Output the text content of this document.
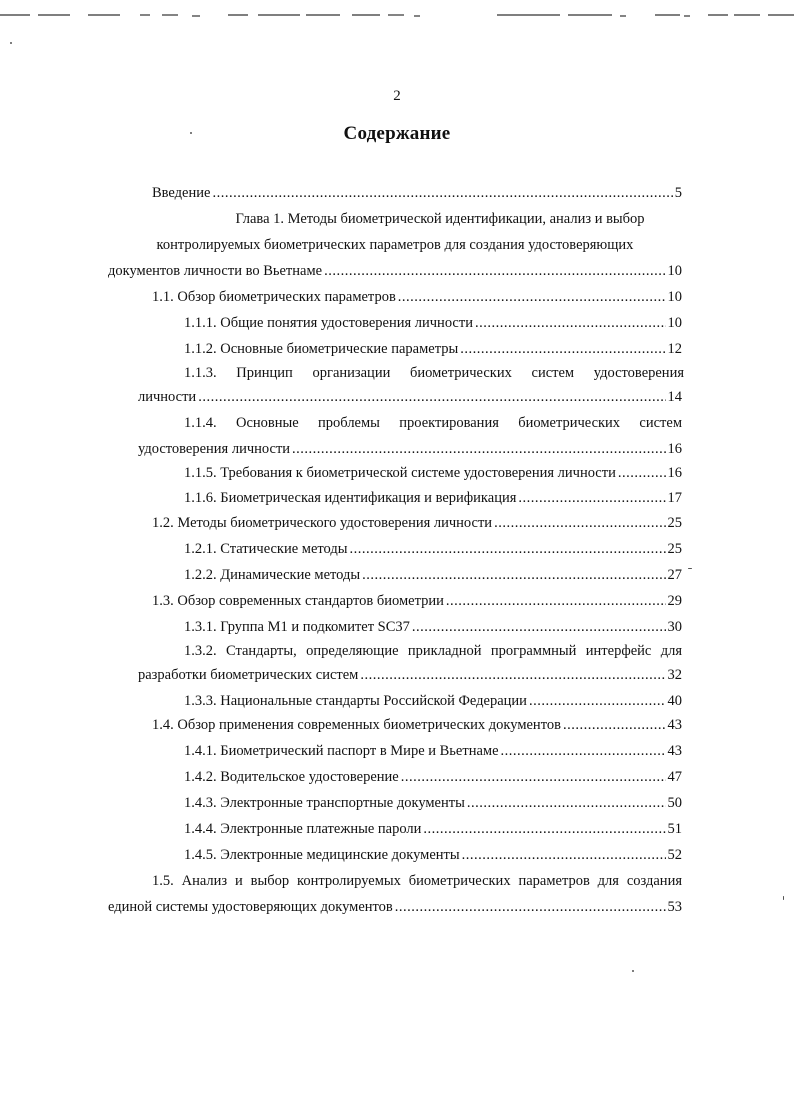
2
Содержание
Введение .....	5
Глава 1. Методы биометрической идентификации, анализ и выбор
контролируемых биометрических параметров для создания удостоверяющих
документов личности во Вьетнаме .....	10
1.1. Обзор биометрических параметров .....	10
1.1.1. Общие понятия удостоверения личности .....	10
1.1.2. Основные биометрические параметры .....	12
1.1.3. Принцип организации биометрических систем удостоверения
личности .....	14
1.1.4. Основные проблемы проектирования биометрических систем
удостоверения личности .....	16
1.1.5. Требования к биометрической системе удостоверения личности .....	16
1.1.6. Биометрическая идентификация и верификация .....	17
1.2. Методы биометрического удостоверения личности .....	25
1.2.1. Статические методы .....	25
1.2.2. Динамические методы .....	27
1.3. Обзор современных стандартов биометрии .....	29
1.3.1. Группа М1 и подкомитет SC37 .....	30
1.3.2. Стандарты, определяющие прикладной программный интерфейс для
разработки биометрических систем .....	32
1.3.3. Национальные стандарты Российской Федерации .....	40
1.4. Обзор применения современных биометрических документов .....	43
1.4.1. Биометрический паспорт в Мире и Вьетнаме .....	43
1.4.2. Водительское удостоверение .....	47
1.4.3. Электронные транспортные документы .....	50
1.4.4. Электронные платежные пароли .....	51
1.4.5. Электронные медицинские документы .....	52
1.5. Анализ и выбор контролируемых биометрических параметров для создания
единой системы удостоверяющих документов .....	53
